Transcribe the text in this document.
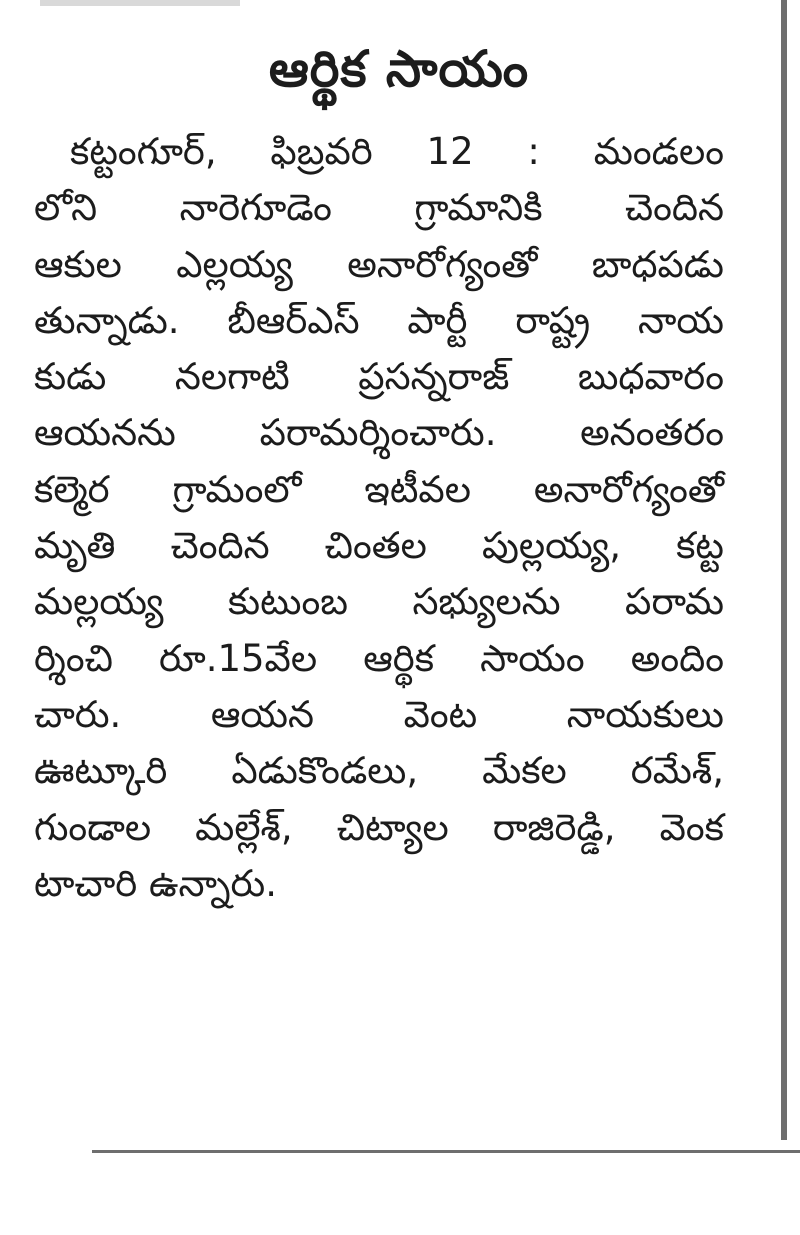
ఆర్థిక సాయం
కట్టంగూర్, ఫిబ్రవరి 12 : మండలం
లోని నారెగూడెం గ్రామానికి చెందిన
ఆకుల ఎల్లయ్య అనారోగ్యంతో బాధపడు
తున్నాడు. బీఆర్‌ఎస్ పార్టీ రాష్ట్ర నాయ
కుడు నలగాటి ప్రసన్నరాజ్ బుధవారం
ఆయనను పరామర్శించారు. అనంతరం
కల్మెర గ్రామంలో ఇటీవల అనారోగ్యంతో
మృతి చెందిన చింతల పుల్లయ్య, కట్ట
మల్లయ్య కుటుంబ సభ్యులను పరామ
ర్శించి రూ.15వేల ఆర్థిక సాయం అందిం
చారు. ఆయన వెంట నాయకులు
ఊట్కూరి ఏడుకొండలు, మేకల రమేశ్,
గుండాల మల్లేశ్, చిట్యాల రాజిరెడ్డి, వెంక
టాచారి ఉన్నారు.
